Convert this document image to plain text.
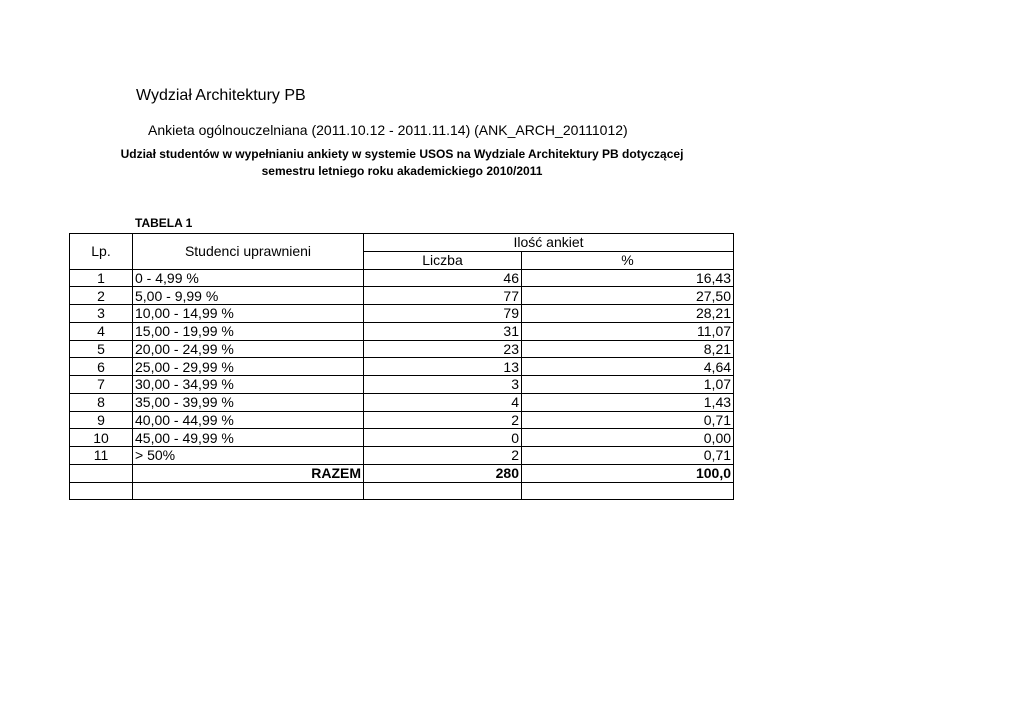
Wydział Architektury PB
Ankieta ogólnouczelniana (2011.10.12 - 2011.11.14) (ANK_ARCH_20111012)
Udział studentów w wypełnianiu ankiety w systemie USOS na Wydziale Architektury PB dotyczącej
semestru letniego roku akademickiego 2010/2011
TABELA 1
Lp.	Studenci uprawnieni	Ilość ankiet	
		Liczba	%
1	0 - 4,99 %	46	16,43
2	5,00 - 9,99 %	77	27,50
3	10,00 - 14,99 %	79	28,21
4	15,00 - 19,99 %	31	11,07
5	20,00 - 24,99 %	23	8,21
6	25,00 - 29,99 %	13	4,64
7	30,00 - 34,99 %	3	1,07
8	35,00 - 39,99 %	4	1,43
9	40,00 - 44,99 %	2	0,71
10	45,00 - 49,99 %	0	0,00
11	> 50%	2	0,71
	RAZEM	280	100,0
